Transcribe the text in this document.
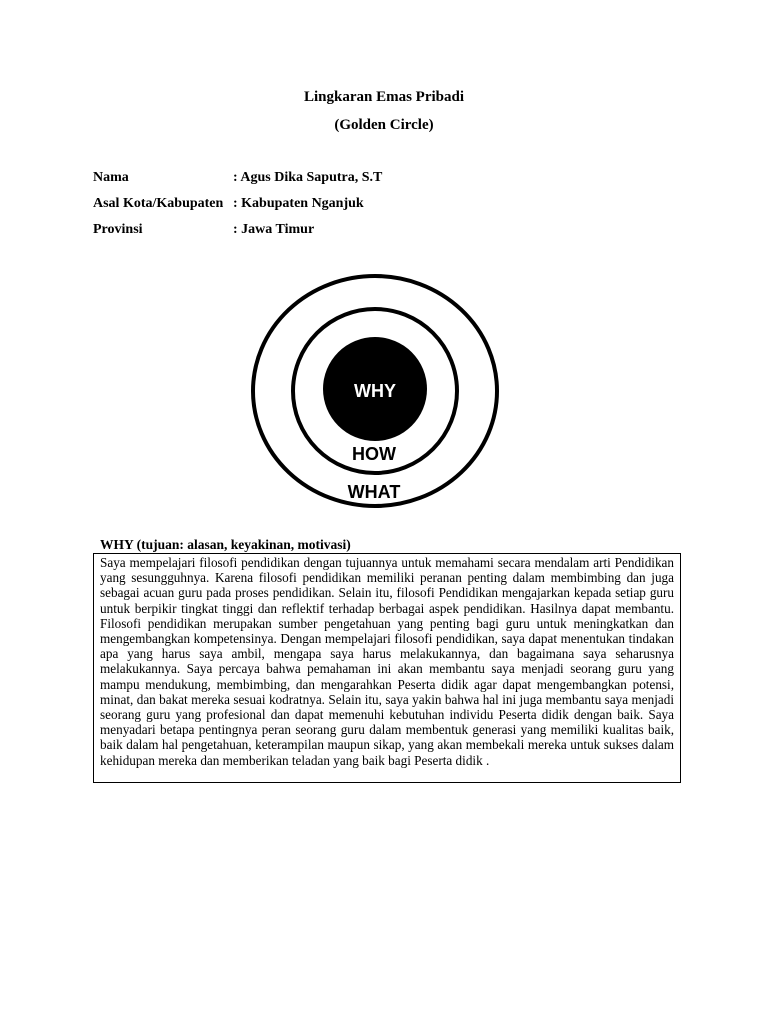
Lingkaran Emas Pribadi
(Golden Circle)
Nama	: Agus Dika Saputra, S.T
Asal Kota/Kabupaten : Kabupaten Nganjuk
Provinsi	: Jawa Timur
WHY
HOW
WHAT
WHY (tujuan: alasan, keyakinan, motivasi)
Saya mempelajari filosofi pendidikan dengan tujuannya untuk memahami secara mendalam arti Pendidikan yang sesungguhnya. Karena filosofi pendidikan memiliki peranan penting dalam membimbing dan juga sebagai acuan guru pada proses pendidikan. Selain itu, filosofi Pendidikan mengajarkan kepada setiap guru untuk berpikir tingkat tinggi dan reflektif terhadap berbagai aspek pendidikan. Hasilnya dapat membantu. Filosofi pendidikan merupakan sumber pengetahuan yang penting bagi guru untuk meningkatkan dan mengembangkan kompetensinya. Dengan mempelajari filosofi pendidikan, saya dapat menentukan tindakan apa yang harus saya ambil, mengapa saya harus melakukannya, dan bagaimana saya seharusnya melakukannya. Saya percaya bahwa pemahaman ini akan membantu saya menjadi seorang guru yang mampu mendukung, membimbing, dan mengarahkan Peserta didik agar dapat mengembangkan potensi, minat, dan bakat mereka sesuai kodratnya. Selain itu, saya yakin bahwa hal ini juga membantu saya menjadi seorang guru yang profesional dan dapat memenuhi kebutuhan individu Peserta didik dengan baik. Saya menyadari betapa pentingnya peran seorang guru dalam membentuk generasi yang memiliki kualitas baik, baik dalam hal pengetahuan, keterampilan maupun sikap, yang akan membekali mereka untuk sukses dalam kehidupan mereka dan memberikan teladan yang baik bagi Peserta didik .
